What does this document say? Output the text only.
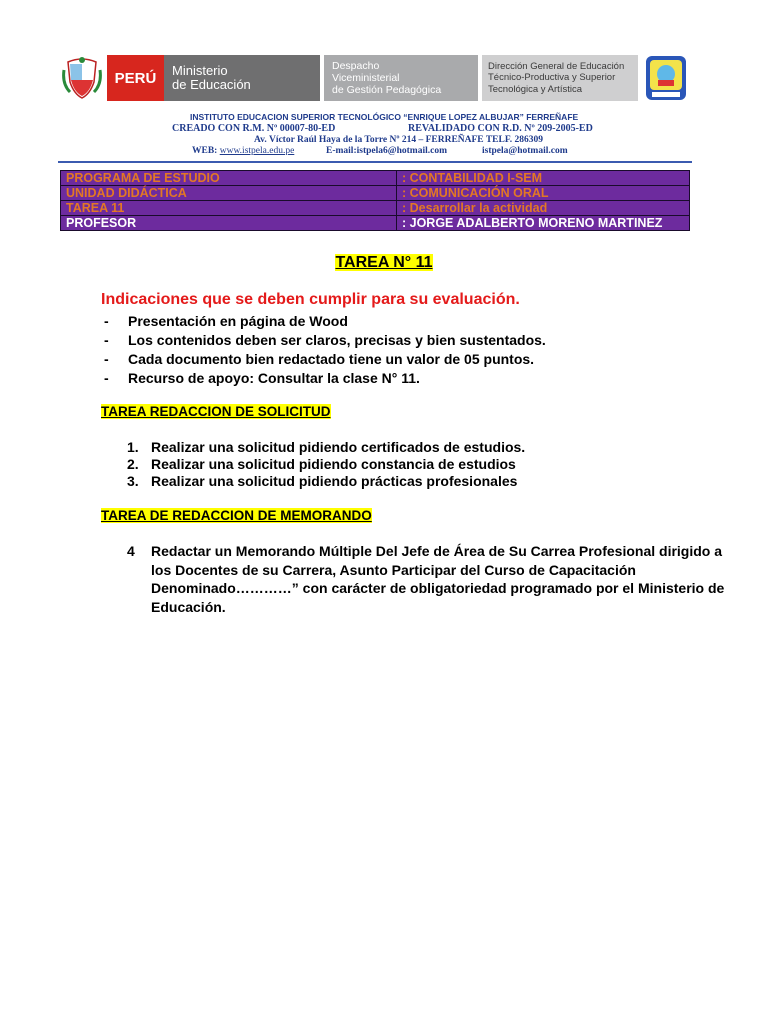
PERÚ	Ministerio
de Educación
Despacho
Viceministerial
de Gestión Pedagógica
Dirección General de Educación
Técnico-Productiva y Superior
Tecnológica y Artística
INSTITUTO EDUCACION SUPERIOR TECNOLÓGICO “ENRIQUE LOPEZ ALBUJAR” FERREÑAFE
CREADO CON R.M. Nº 00007-80-ED	REVALIDADO CON R.D. Nº 209-2005-ED
Av. Víctor Raúl Haya de la Torre Nº 214 – FERREÑAFE TELF. 286309
WEB: www.istpela.edu.pe	E-mail:istpela6@hotmail.com	istpela@hotmail.com
PROGRAMA DE ESTUDIO	: CONTABILIDAD I-SEM
UNIDAD DIDÁCTICA	: COMUNICACIÓN ORAL
TAREA 11	: Desarrollar la actividad
PROFESOR	: JORGE ADALBERTO MORENO MARTINEZ
TAREA N° 11
Indicaciones que se deben cumplir para su evaluación.
- Presentación en página de Wood
- Los contenidos deben ser claros, precisas y bien sustentados.
- Cada documento bien redactado tiene un valor de 05 puntos.
- Recurso de apoyo: Consultar la clase N° 11.
TAREA REDACCION DE SOLICITUD
1. Realizar una solicitud pidiendo certificados de estudios.
2. Realizar una solicitud pidiendo constancia de estudios
3. Realizar una solicitud pidiendo prácticas profesionales
TAREA DE REDACCION DE MEMORANDO
4	Redactar un Memorando Múltiple Del Jefe de Área de Su Carrea Profesional dirigido a los Docentes de su Carrera, Asunto Participar del Curso de Capacitación Denominado…………” con carácter de obligatoriedad programado por el Ministerio de Educación.
